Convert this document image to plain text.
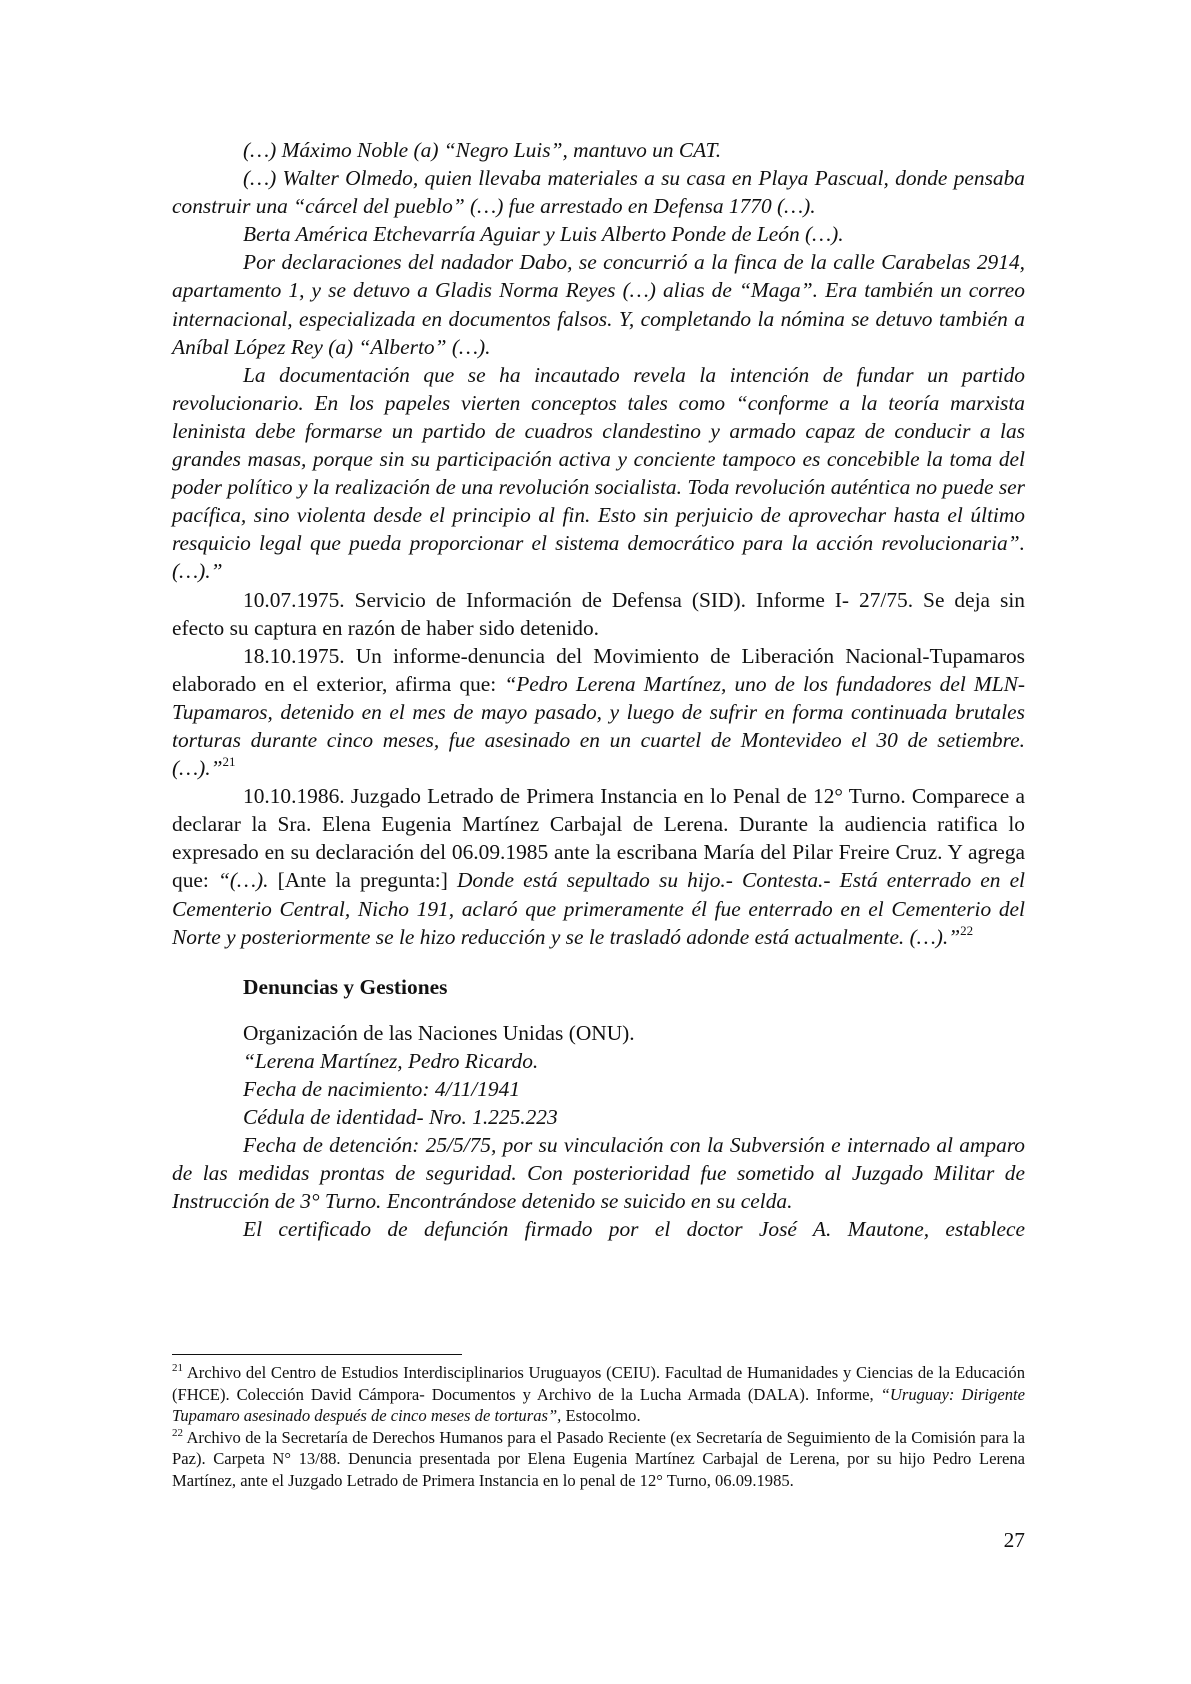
(…) Máximo Noble (a) “Negro Luis”, mantuvo un CAT.

(…) Walter Olmedo, quien llevaba materiales a su casa en Playa Pascual, donde pensaba construir una “cárcel del pueblo” (…) fue arrestado en Defensa 1770 (…).

Berta América Etchevarría Aguiar y Luis Alberto Ponde de León (…).

Por declaraciones del nadador Dabo, se concurrió a la finca de la calle Carabelas 2914, apartamento 1, y se detuvo a Gladis Norma Reyes (…) alias de “Maga”. Era también un correo internacional, especializada en documentos falsos. Y, completando la nómina se detuvo también a Aníbal López Rey (a) “Alberto” (…).

La documentación que se ha incautado revela la intención de fundar un partido revolucionario. En los papeles vierten conceptos tales como “conforme a la teoría marxista leninista debe formarse un partido de cuadros clandestino y armado capaz de conducir a las grandes masas, porque sin su participación activa y conciente tampoco es concebible la toma del poder político y la realización de una revolución socialista. Toda revolución auténtica no puede ser pacífica, sino violenta desde el principio al fin. Esto sin perjuicio de aprovechar hasta el último resquicio legal que pueda proporcionar el sistema democrático para la acción revolucionaria”. (…).”

10.07.1975. Servicio de Información de Defensa (SID). Informe I- 27/75. Se deja sin efecto su captura en razón de haber sido detenido.

18.10.1975. Un informe-denuncia del Movimiento de Liberación Nacional-Tupamaros elaborado en el exterior, afirma que: “Pedro Lerena Martínez, uno de los fundadores del MLN- Tupamaros, detenido en el mes de mayo pasado, y luego de sufrir en forma continuada brutales torturas durante cinco meses, fue asesinado en un cuartel de Montevideo el 30 de setiembre. (…).”$^{21}$

10.10.1986. Juzgado Letrado de Primera Instancia en lo Penal de 12° Turno. Comparece a declarar la Sra. Elena Eugenia Martínez Carbajal de Lerena. Durante la audiencia ratifica lo expresado en su declaración del 06.09.1985 ante la escribana María del Pilar Freire Cruz. Y agrega que: “(…). [Ante la pregunta:] Donde está sepultado su hijo.- Contesta.- Está enterrado en el Cementerio Central, Nicho 191, aclaró que primeramente él fue enterrado en el Cementerio del Norte y posteriormente se le hizo reducción y se le trasladó adonde está actualmente. (…).”$^{22}$

Denuncias y Gestiones

Organización de las Naciones Unidas (ONU).

“Lerena Martínez, Pedro Ricardo.

Fecha de nacimiento: 4/11/1941

Cédula de identidad- Nro. 1.225.223

Fecha de detención: 25/5/75, por su vinculación con la Subversión e internado al amparo de las medidas prontas de seguridad. Con posterioridad fue sometido al Juzgado Militar de Instrucción de 3° Turno. Encontrándose detenido se suicido en su celda.

El certificado de defunción firmado por el doctor José A. Mautone, establece

$^{21}$ Archivo del Centro de Estudios Interdisciplinarios Uruguayos (CEIU). Facultad de Humanidades y Ciencias de la Educación (FHCE). Colección David Cámpora- Documentos y Archivo de la Lucha Armada (DALA). Informe, “Uruguay: Dirigente Tupamaro asesinado después de cinco meses de torturas”, Estocolmo.

$^{22}$ Archivo de la Secretaría de Derechos Humanos para el Pasado Reciente (ex Secretaría de Seguimiento de la Comisión para la Paz). Carpeta N° 13/88. Denuncia presentada por Elena Eugenia Martínez Carbajal de Lerena, por su hijo Pedro Lerena Martínez, ante el Juzgado Letrado de Primera Instancia en lo penal de 12° Turno, 06.09.1985.

27
